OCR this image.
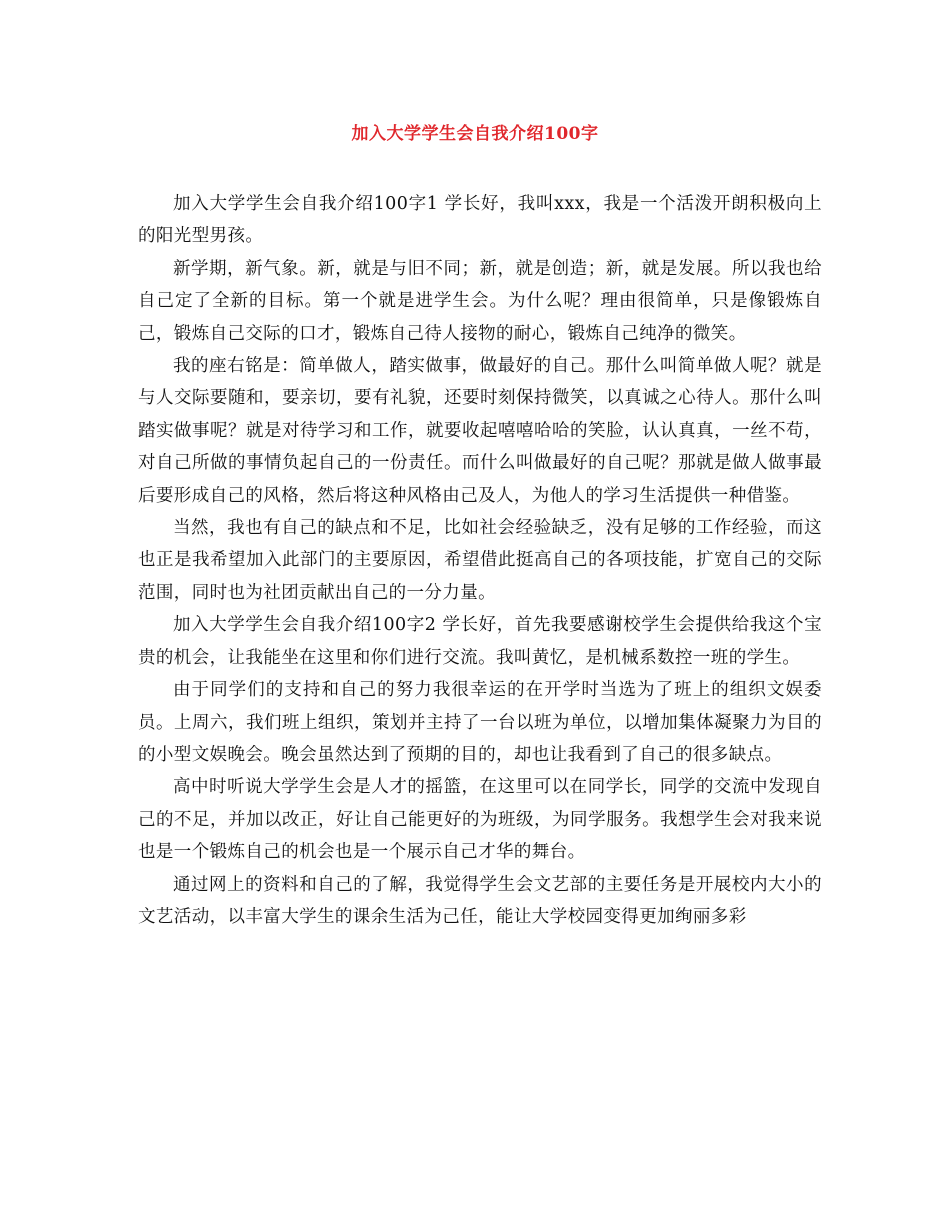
加入大学学生会自我介绍100字

加入大学学生会自我介绍100字1 学长好，我叫xxx，我是一个活泼开朗积极向上的阳光型男孩。

新学期，新气象。新，就是与旧不同；新，就是创造；新，就是发展。所以我也给自己定了全新的目标。第一个就是进学生会。为什么呢？理由很简单，只是像锻炼自己，锻炼自己交际的口才，锻炼自己待人接物的耐心，锻炼自己纯净的微笑。

我的座右铭是：简单做人，踏实做事，做最好的自己。那什么叫简单做人呢？就是与人交际要随和，要亲切，要有礼貌，还要时刻保持微笑，以真诚之心待人。那什么叫踏实做事呢？就是对待学习和工作，就要收起嘻嘻哈哈的笑脸，认认真真，一丝不苟，对自己所做的事情负起自己的一份责任。而什么叫做最好的自己呢？那就是做人做事最后要形成自己的风格，然后将这种风格由己及人，为他人的学习生活提供一种借鉴。

当然，我也有自己的缺点和不足，比如社会经验缺乏，没有足够的工作经验，而这也正是我希望加入此部门的主要原因，希望借此挺高自己的各项技能，扩宽自己的交际范围，同时也为社团贡献出自己的一分力量。

加入大学学生会自我介绍100字2 学长好，首先我要感谢校学生会提供给我这个宝贵的机会，让我能坐在这里和你们进行交流。我叫黄忆，是机械系数控一班的学生。

由于同学们的支持和自己的努力我很幸运的在开学时当选为了班上的组织文娱委员。上周六，我们班上组织，策划并主持了一台以班为单位，以增加集体凝聚力为目的的小型文娱晚会。晚会虽然达到了预期的目的，却也让我看到了自己的很多缺点。

高中时听说大学学生会是人才的摇篮，在这里可以在同学长，同学的交流中发现自己的不足，并加以改正，好让自己能更好的为班级，为同学服务。我想学生会对我来说也是一个锻炼自己的机会也是一个展示自己才华的舞台。

通过网上的资料和自己的了解，我觉得学生会文艺部的主要任务是开展校内大小的文艺活动，以丰富大学生的课余生活为己任，能让大学校园变得更加绚丽多彩
